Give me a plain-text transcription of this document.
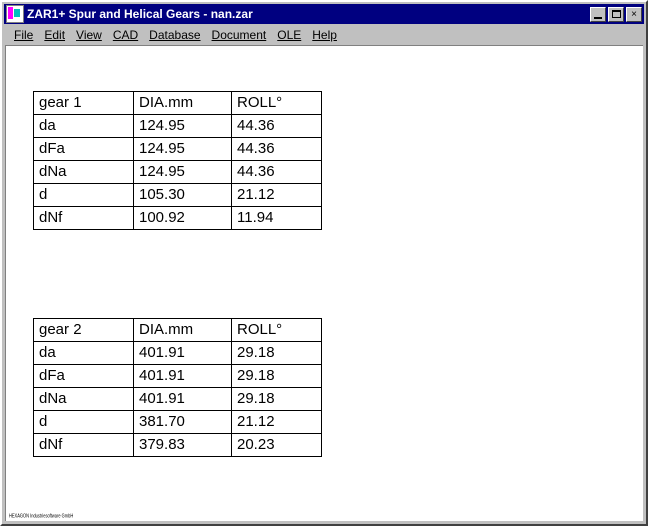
ZAR1+ Spur and Helical Gears - nan.zar	×
File Edit View CAD Database Document OLE Help
gear 1	DIA.mm	ROLL°
da	124.95	44.36
dFa	124.95	44.36
dNa	124.95	44.36
d	105.30	21.12
dNf	100.92	11.94
gear 2	DIA.mm	ROLL°
da	401.91	29.18
dFa	401.91	29.18
dNa	401.91	29.18
d	381.70	21.12
dNf	379.83	20.23
HEXAGON Industriesoftware GmbH
